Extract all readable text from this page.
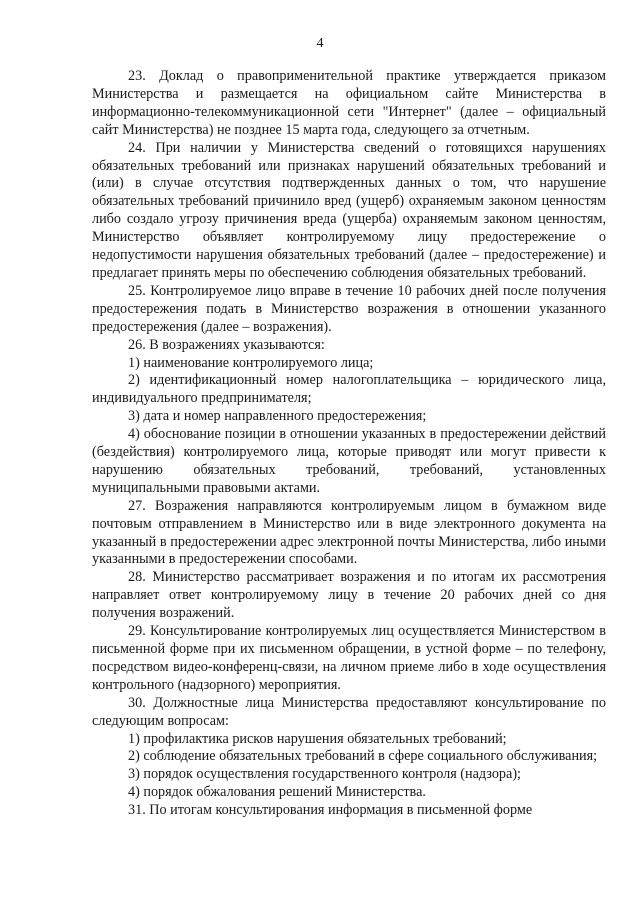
4

23. Доклад о правоприменительной практике утверждается приказом Министерства и размещается на официальном сайте Министерства в информационно-телекоммуникационной сети "Интернет" (далее – официальный сайт Министерства) не позднее 15 марта года, следующего за отчетным.

24. При наличии у Министерства сведений о готовящихся нарушениях обязательных требований или признаках нарушений обязательных требований и (или) в случае отсутствия подтвержденных данных о том, что нарушение обязательных требований причинило вред (ущерб) охраняемым законом ценностям либо создало угрозу причинения вреда (ущерба) охраняемым законом ценностям, Министерство объявляет контролируемому лицу предостережение о недопустимости нарушения обязательных требований (далее – предостережение) и предлагает принять меры по обеспечению соблюдения обязательных требований.

25. Контролируемое лицо вправе в течение 10 рабочих дней после получения предостережения подать в Министерство возражения в отношении указанного предостережения (далее – возражения).

26. В возражениях указываются:

1) наименование контролируемого лица;

2) идентификационный номер налогоплательщика – юридического лица, индивидуального предпринимателя;

3) дата и номер направленного предостережения;

4) обоснование позиции в отношении указанных в предостережении действий (бездействия) контролируемого лица, которые приводят или могут привести к нарушению обязательных требований, требований, установленных муниципальными правовыми актами.

27. Возражения направляются контролируемым лицом в бумажном виде почтовым отправлением в Министерство или в виде электронного документа на указанный в предостережении адрес электронной почты Министерства, либо иными указанными в предостережении способами.

28. Министерство рассматривает возражения и по итогам их рассмотрения направляет ответ контролируемому лицу в течение 20 рабочих дней со дня получения возражений.

29. Консультирование контролируемых лиц осуществляется Министерством в письменной форме при их письменном обращении, в устной форме – по телефону, посредством видео-конференц-связи, на личном приеме либо в ходе осуществления контрольного (надзорного) мероприятия.

30. Должностные лица Министерства предоставляют консультирование по следующим вопросам:

1) профилактика рисков нарушения обязательных требований;

2) соблюдение обязательных требований в сфере социального обслуживания;

3) порядок осуществления государственного контроля (надзора);

4) порядок обжалования решений Министерства.

31. По итогам консультирования информация в письменной форме
